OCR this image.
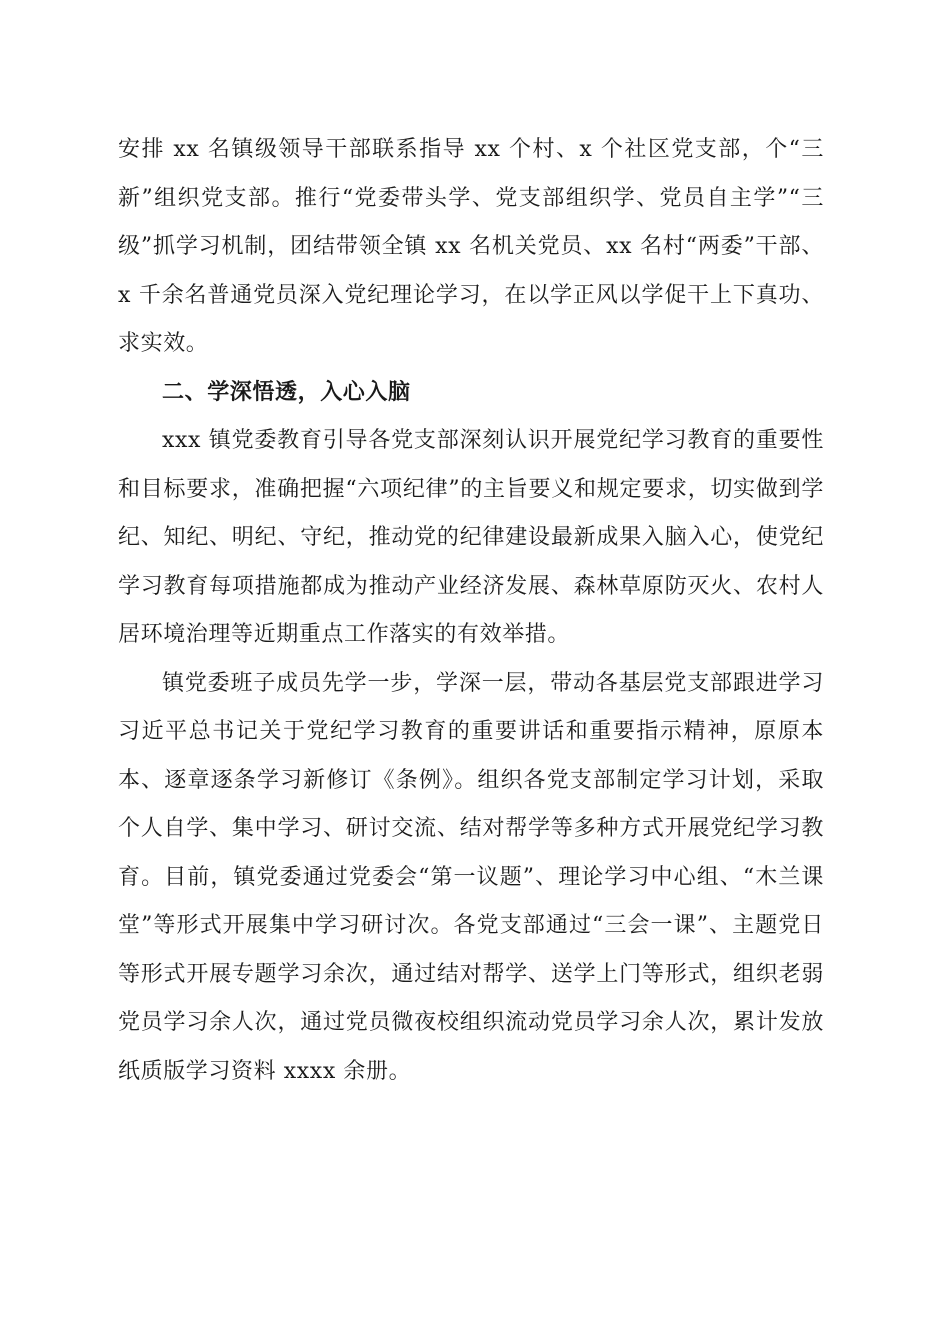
安排 xx 名镇级领导干部联系指导 xx 个村、x 个社区党支部，个“三新”组织党支部。推行“党委带头学、党支部组织学、党员自主学”“三级”抓学习机制，团结带领全镇 xx 名机关党员、xx 名村“两委”干部、x 千余名普通党员深入党纪理论学习，在以学正风以学促干上下真功、求实效。

二、学深悟透，入心入脑

xxx 镇党委教育引导各党支部深刻认识开展党纪学习教育的重要性和目标要求，准确把握“六项纪律”的主旨要义和规定要求，切实做到学纪、知纪、明纪、守纪，推动党的纪律建设最新成果入脑入心，使党纪学习教育每项措施都成为推动产业经济发展、森林草原防灭火、农村人居环境治理等近期重点工作落实的有效举措。

镇党委班子成员先学一步，学深一层，带动各基层党支部跟进学习习近平总书记关于党纪学习教育的重要讲话和重要指示精神，原原本本、逐章逐条学习新修订《条例》。组织各党支部制定学习计划，采取个人自学、集中学习、研讨交流、结对帮学等多种方式开展党纪学习教育。目前，镇党委通过党委会“第一议题”、理论学习中心组、“木兰课堂”等形式开展集中学习研讨次。各党支部通过“三会一课”、主题党日等形式开展专题学习余次，通过结对帮学、送学上门等形式，组织老弱党员学习余人次，通过党员微夜校组织流动党员学习余人次，累计发放纸质版学习资料 xxxx 余册。
